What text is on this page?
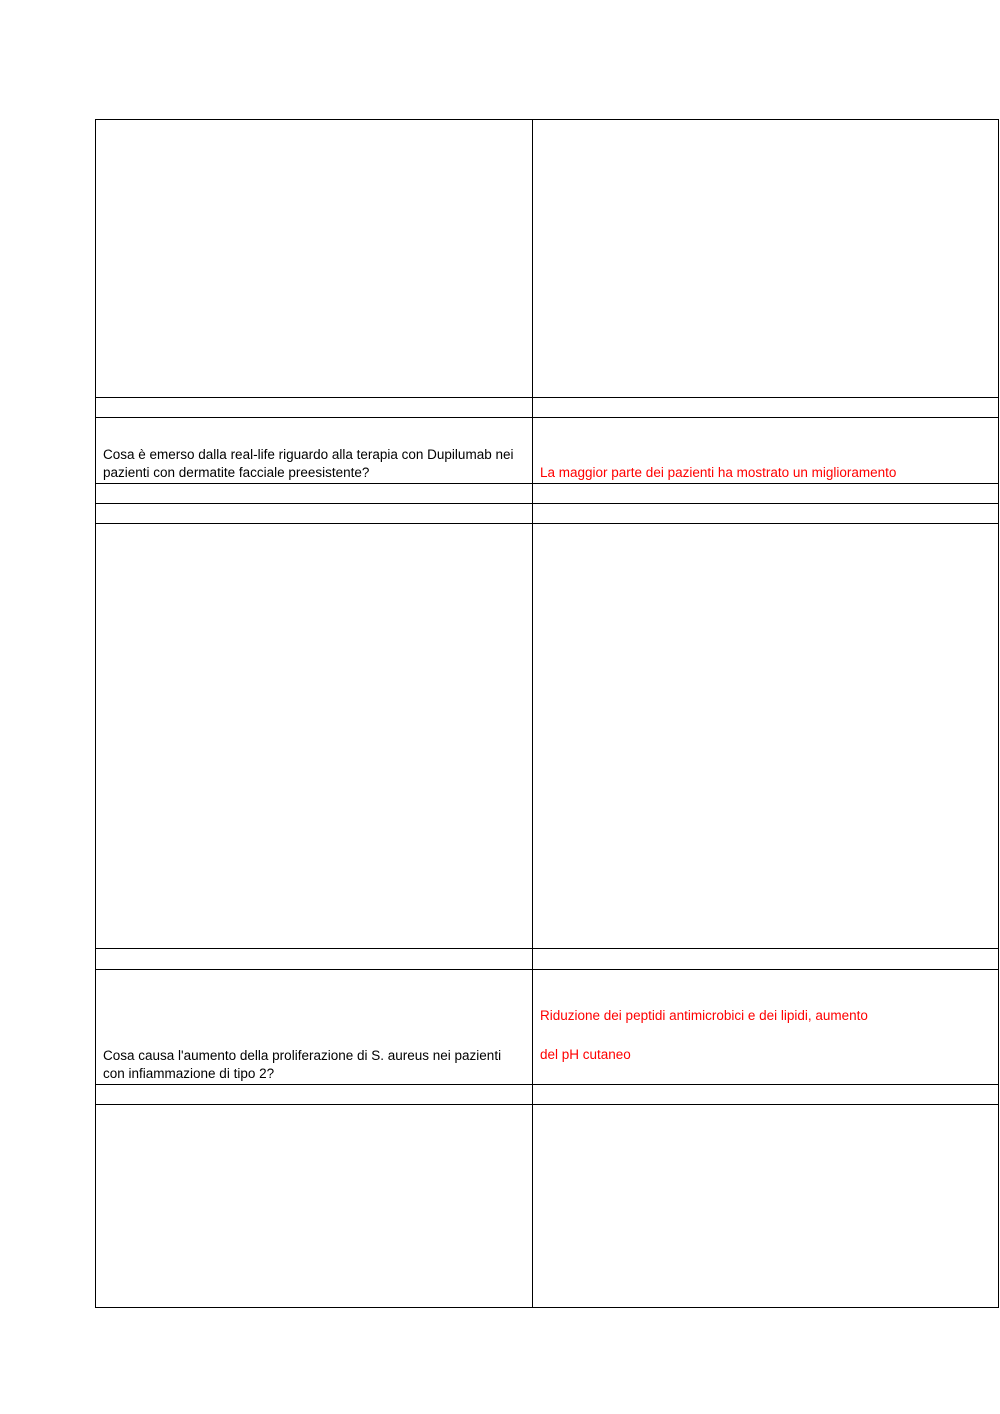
Cosa è emerso dalla real-life riguardo alla terapia con Dupilumab nei
pazienti con dermatite facciale preesistente?	La maggior parte dei pazienti ha mostrato un miglioramento
Cosa causa l'aumento della proliferazione di S. aureus nei pazienti
con infiammazione di tipo 2?
Riduzione dei peptidi antimicrobici e dei lipidi, aumento
del pH cutaneo
